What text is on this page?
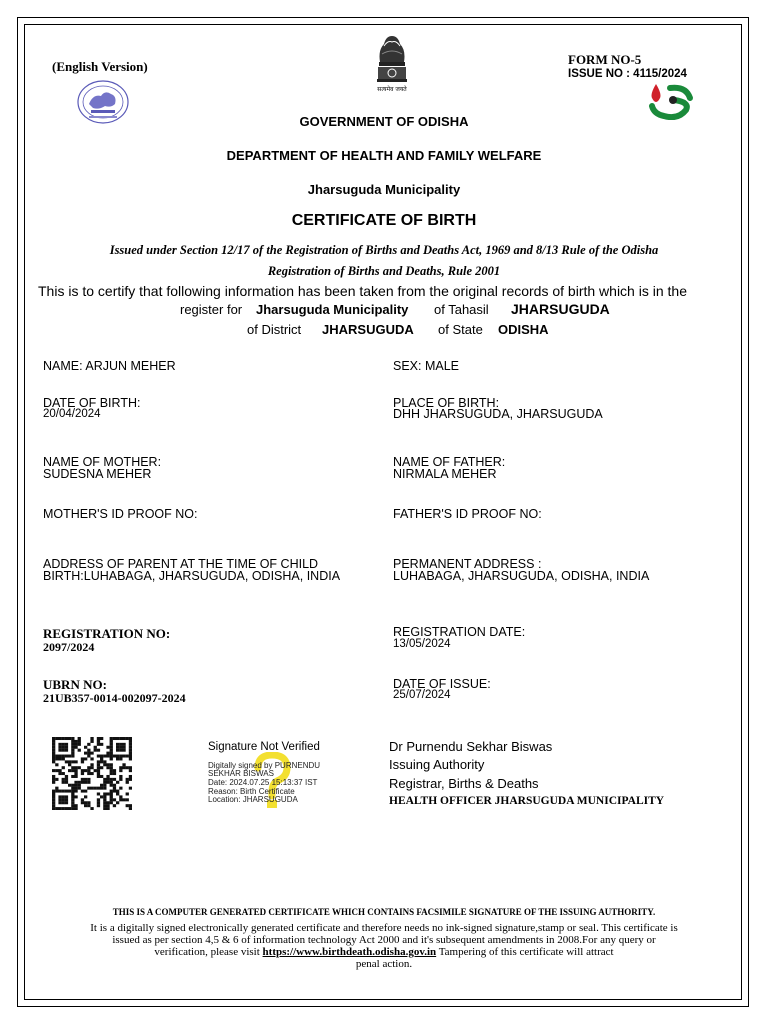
(English Version)
सत्यमेव जयते
FORM NO-5
ISSUE NO : 4115/2024
GOVERNMENT OF ODISHA
DEPARTMENT OF HEALTH AND FAMILY WELFARE
Jharsuguda Municipality
CERTIFICATE OF BIRTH
Issued under Section 12/17 of the Registration of Births and Deaths Act, 1969 and 8/13 Rule of the Odisha
Registration of Births and Deaths, Rule 2001
This is to certify that following information has been taken from the original records of birth which is in the
register for Jharsuguda Municipality of Tahasil JHARSUGUDA
of District JHARSUGUDA of State ODISHA
NAME: ARJUN MEHER
DATE OF BIRTH:
20/04/2024
NAME OF MOTHER:
SUDESNA MEHER
MOTHER'S ID PROOF NO:
ADDRESS OF PARENT AT THE TIME OF CHILD
BIRTH:LUHABAGA, JHARSUGUDA, ODISHA, INDIA
REGISTRATION NO:
2097/2024
UBRN NO:
21UB357-0014-002097-2024
SEX: MALE
PLACE OF BIRTH:
DHH JHARSUGUDA, JHARSUGUDA
NAME OF FATHER:
NIRMALA MEHER
FATHER'S ID PROOF NO:
PERMANENT ADDRESS :
LUHABAGA, JHARSUGUDA, ODISHA, INDIA
REGISTRATION DATE:
13/05/2024
DATE OF ISSUE:
25/07/2024
Signature Not Verified
Digitally signed by PURNENDU
SEKHAR BISWAS
Date: 2024.07.25 15:13:37 IST
Reason: Birth Certificate
Location: JHARSUGUDA
Dr Purnendu Sekhar Biswas
Issuing Authority
Registrar, Births & Deaths
HEALTH OFFICER JHARSUGUDA MUNICIPALITY
THIS IS A COMPUTER GENERATED CERTIFICATE WHICH CONTAINS FACSIMILE SIGNATURE OF THE ISSUING AUTHORITY.
It is a digitally signed electronically generated certificate and therefore needs no ink-signed signature,stamp or seal. This certificate is
issued as per section 4,5 & 6 of information technology Act 2000 and it's subsequent amendments in 2008.For any query or
verification, please visit https://www.birthdeath.odisha.gov.in Tampering of this certificate will attract
penal action.
